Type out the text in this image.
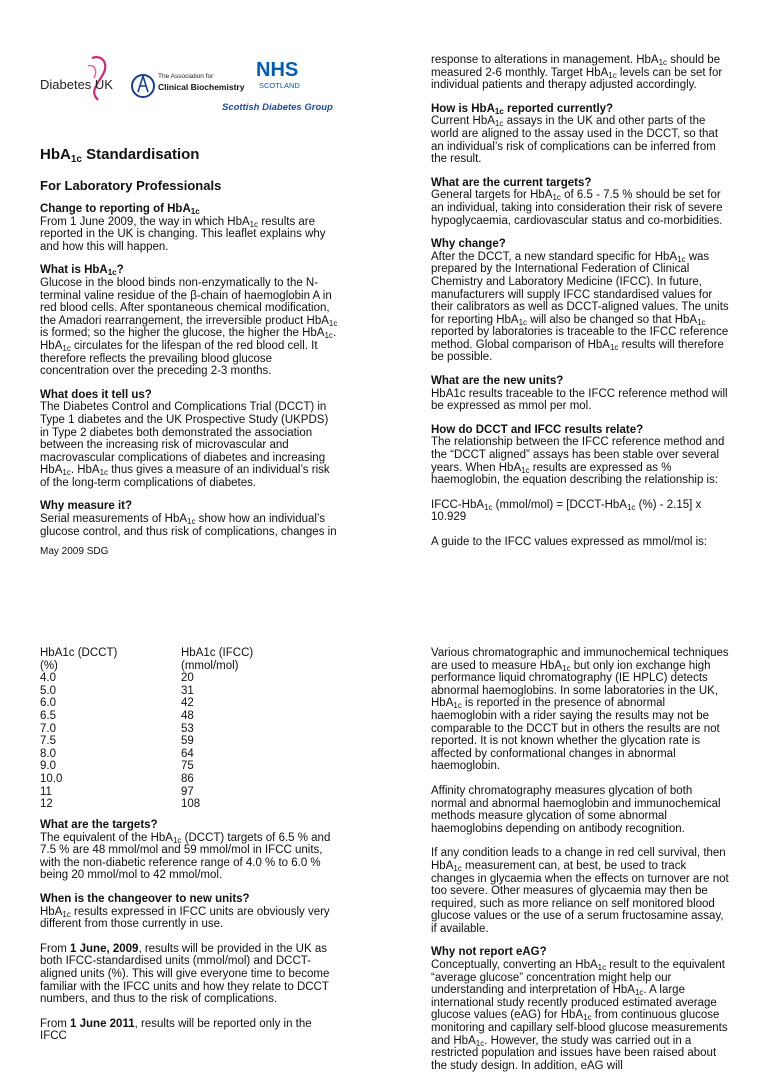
Diabetes UK
The Association for
Clinical Biochemistry
NHS
SCOTLAND
Scottish Diabetes Group
HbA$_{1c}$ Standardisation
For Laboratory Professionals

Change to reporting of HbA$_{1c}$

From 1 June 2009, the way in which HbA$_{1c}$ results are reported in the UK is changing. This leaflet explains why and how this will happen.

What is HbA$_{1c}$?

Glucose in the blood binds non-enzymatically to the N-terminal valine residue of the β-chain of haemoglobin A in red blood cells. After spontaneous chemical modification, the Amadori rearrangement, the irreversible product HbA$_{1c}$ is formed; so the higher the glucose, the higher the HbA$_{1c}$. HbA$_{1c}$ circulates for the lifespan of the red blood cell. It therefore reflects the prevailing blood glucose concentration over the preceding 2-3 months.

What does it tell us?

The Diabetes Control and Complications Trial (DCCT) in Type 1 diabetes and the UK Prospective Study (UKPDS) in Type 2 diabetes both demonstrated the association between the increasing risk of microvascular and macrovascular complications of diabetes and increasing HbA$_{1c}$. HbA$_{1c}$ thus gives a measure of an individual’s risk of the long-term complications of diabetes.

Why measure it?

Serial measurements of HbA$_{1c}$ show how an individual’s glucose control, and thus risk of complications, changes in

response to alterations in management. HbA$_{1c}$ should be measured 2-6 monthly. Target HbA$_{1c}$ levels can be set for individual patients and therapy adjusted accordingly.

How is HbA$_{1c}$ reported currently?

Current HbA$_{1c}$ assays in the UK and other parts of the world are aligned to the assay used in the DCCT, so that an individual’s risk of complications can be inferred from the result.

What are the current targets?

General targets for HbA$_{1c}$ of 6.5 - 7.5 % should be set for an individual, taking into consideration their risk of severe hypoglycaemia, cardiovascular status and co-morbidities.

Why change?

After the DCCT, a new standard specific for HbA$_{1c}$ was prepared by the International Federation of Clinical Chemistry and Laboratory Medicine (IFCC). In future, manufacturers will supply IFCC standardised values for their calibrators as well as DCCT-aligned values. The units for reporting HbA$_{1c}$ will also be changed so that HbA$_{1c}$ reported by laboratories is traceable to the IFCC reference method. Global comparison of HbA$_{1c}$ results will therefore be possible.

What are the new units?

HbA1c results traceable to the IFCC reference method will be expressed as mmol per mol.

How do DCCT and IFCC results relate?

The relationship between the IFCC reference method and the “DCCT aligned” assays has been stable over several years. When HbA$_{1c}$ results are expressed as % haemoglobin, the equation describing the relationship is:

IFCC-HbA$_{1c}$ (mmol/mol) = [DCCT-HbA$_{1c}$ (%) - 2.15] x 10.929

A guide to the IFCC values expressed as mmol/mol is:

May 2009 SDG
HbA1c (DCCT)	HbA1c (IFCC)
(%)	(mmol/mol)
4.0	20
5.0	31
6.0	42
6.5	48
7.0	53
7.5	59
8.0	64
9.0	75
10.0	86
11	97
12	108

What are the targets?

The equivalent of the HbA$_{1c}$ (DCCT) targets of 6.5 % and 7.5 % are 48 mmol/mol and 59 mmol/mol in IFCC units, with the non-diabetic reference range of 4.0 % to 6.0 % being 20 mmol/mol to 42 mmol/mol.

When is the changeover to new units?

HbA$_{1c}$ results expressed in IFCC units are obviously very different from those currently in use.

From 1 June, 2009, results will be provided in the UK as both IFCC-standardised units (mmol/mol) and DCCT-aligned units (%). This will give everyone time to become familiar with the IFCC units and how they relate to DCCT numbers, and thus to the risk of complications.

From 1 June 2011, results will be reported only in the IFCC

Various chromatographic and immunochemical techniques are used to measure HbA$_{1c}$ but only ion exchange high performance liquid chromatography (IE HPLC) detects abnormal haemoglobins. In some laboratories in the UK, HbA$_{1c}$ is reported in the presence of abnormal haemoglobin with a rider saying the results may not be comparable to the DCCT but in others the results are not reported. It is not known whether the glycation rate is affected by conformational changes in abnormal haemoglobin.

Affinity chromatography measures glycation of both normal and abnormal haemoglobin and immunochemical methods measure glycation of some abnormal haemoglobins depending on antibody recognition.

If any condition leads to a change in red cell survival, then HbA$_{1c}$ measurement can, at best, be used to track changes in glycaemia when the effects on turnover are not too severe. Other measures of glycaemia may then be required, such as more reliance on self monitored blood glucose values or the use of a serum fructosamine assay, if available.

Why not report eAG?

Conceptually, converting an HbA$_{1c}$ result to the equivalent “average glucose” concentration might help our understanding and interpretation of HbA$_{1c}$. A large international study recently produced estimated average glucose values (eAG) for HbA$_{1c}$ from continuous glucose monitoring and capillary self-blood glucose measurements and HbA$_{1c}$. However, the study was carried out in a restricted population and issues have been raised about the study design. In addition, eAG will
